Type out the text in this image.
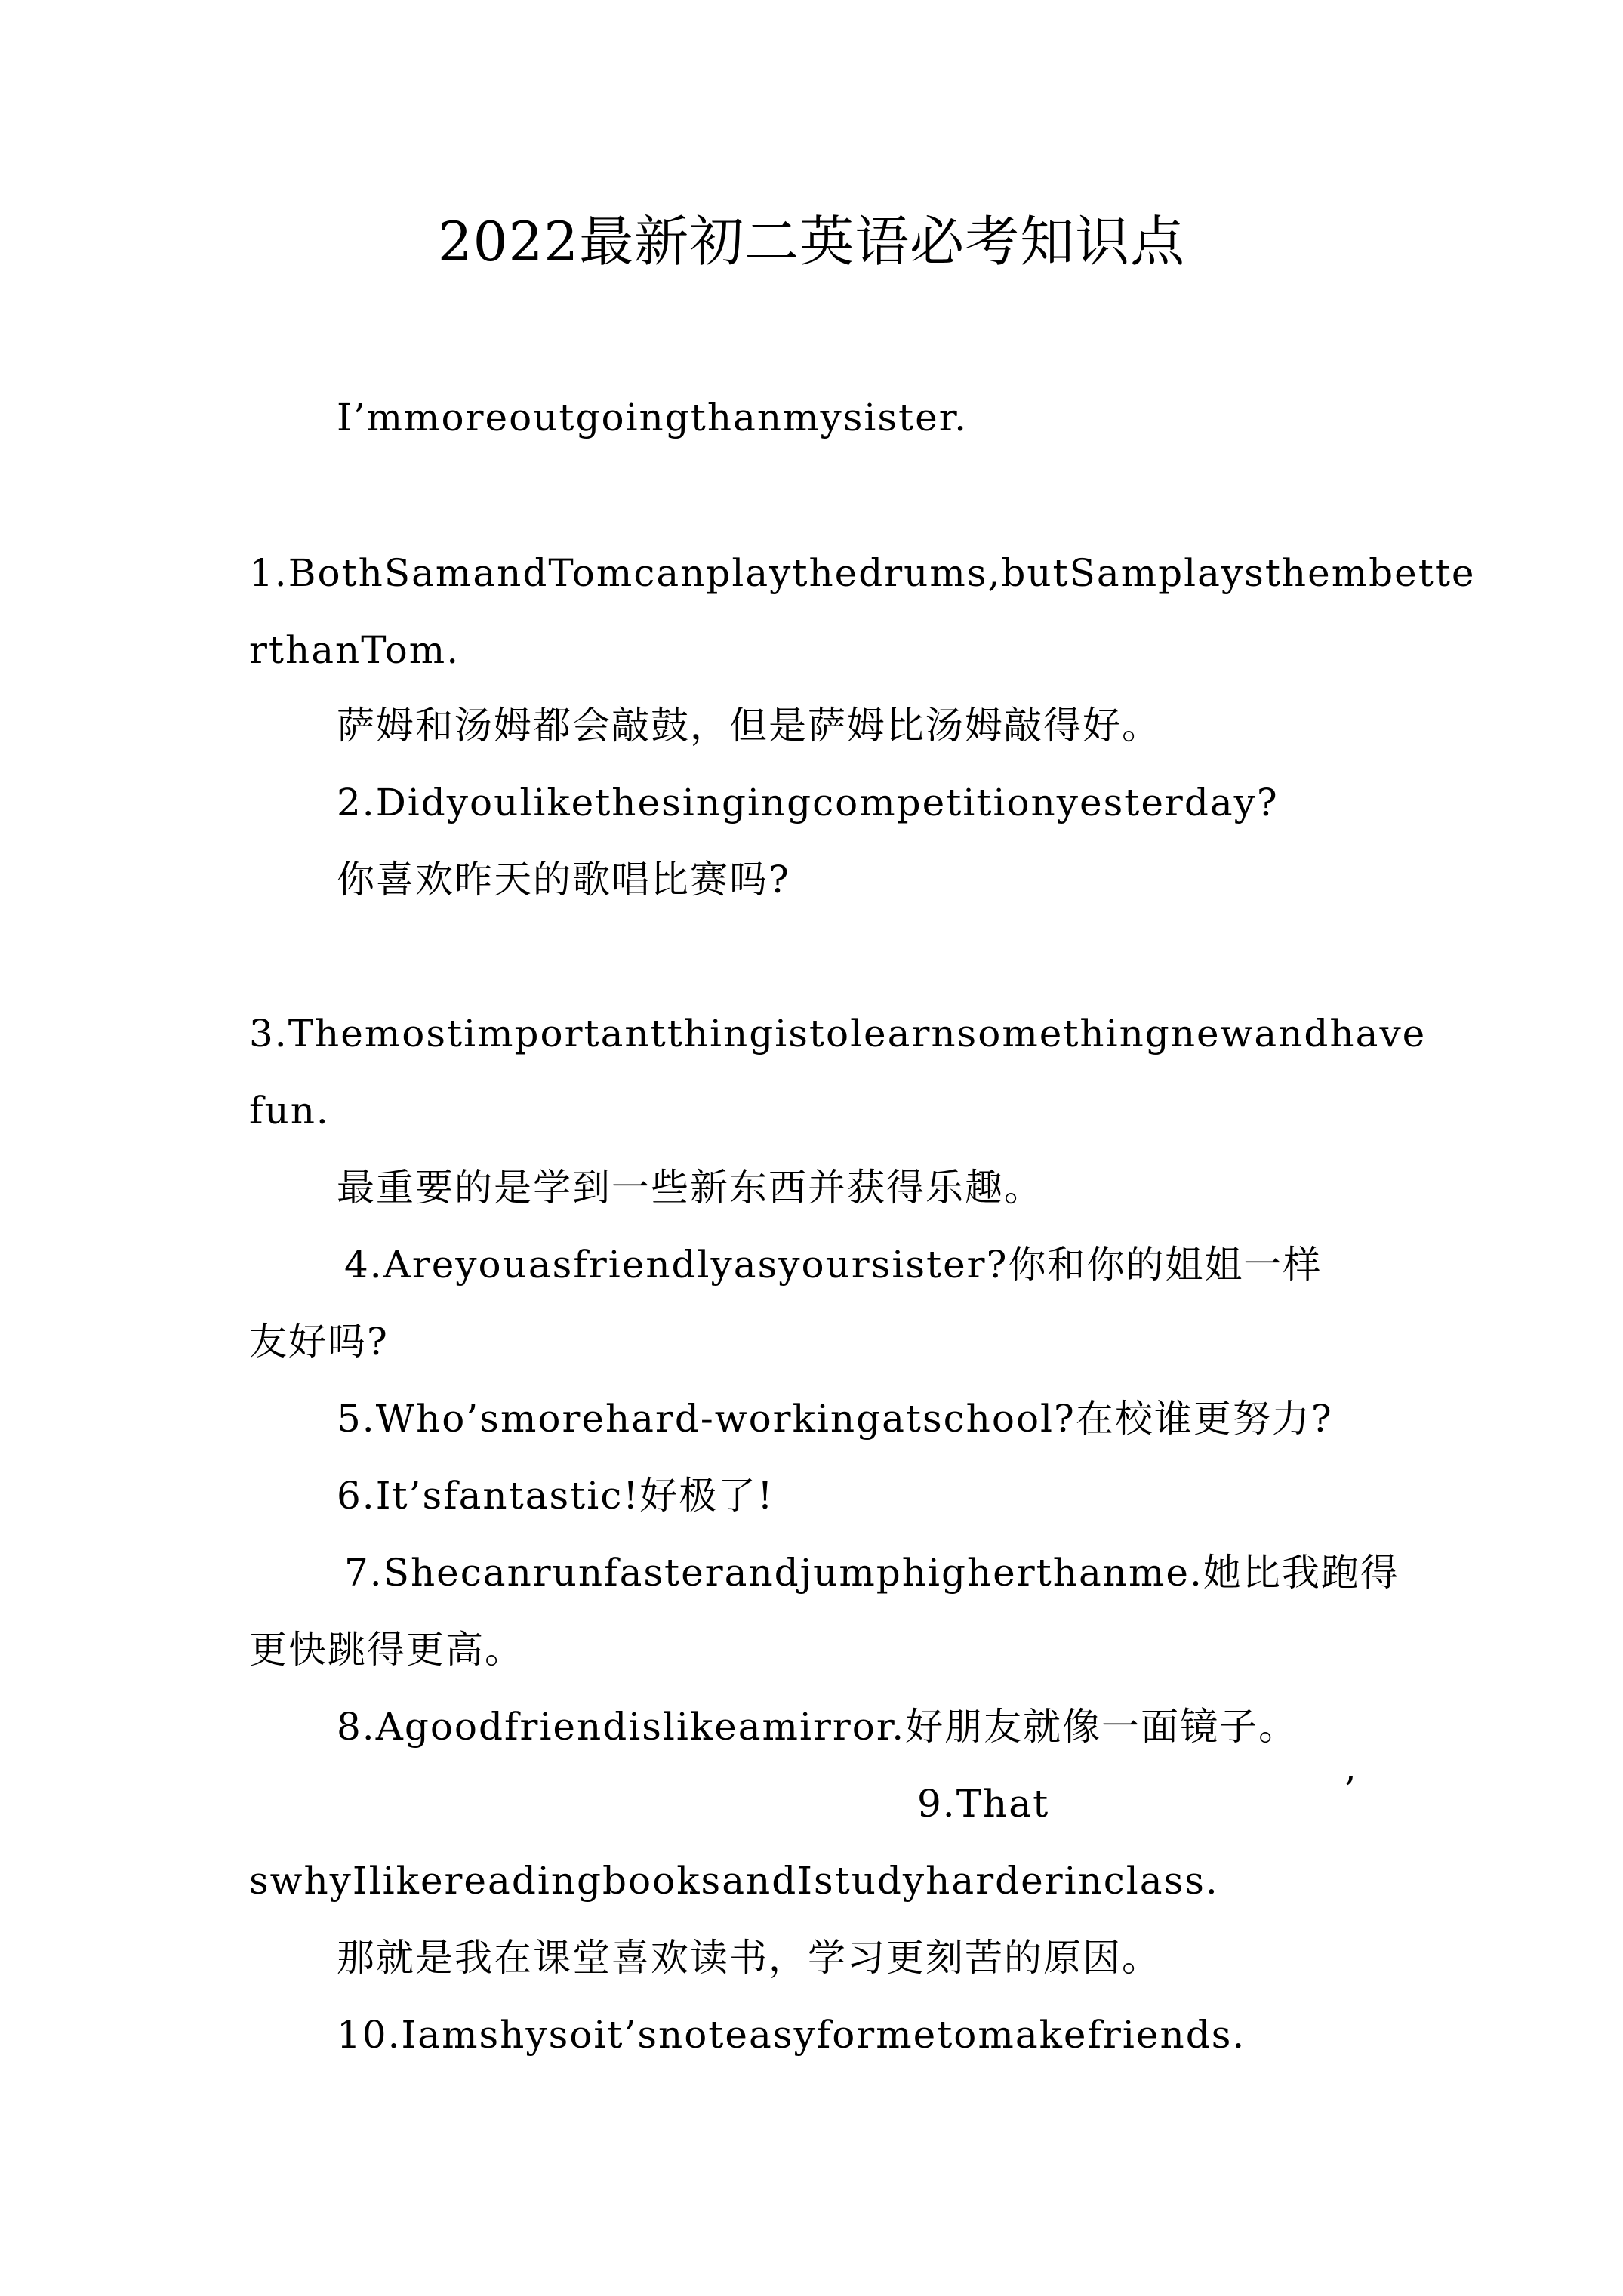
2022最新初二英语必考知识点
I’mmoreoutgoingthanmysister.
1.BothSamandTomcanplaythedrums,butSamplaysthembette
rthanTom.
萨姆和汤姆都会敲鼓，但是萨姆比汤姆敲得好。
2.Didyoulikethesingingcompetitionyesterday?
你喜欢昨天的歌唱比赛吗?
3.Themostimportantthingistolearnsomethingnewandhave
fun.
最重要的是学到一些新东西并获得乐趣。
4.Areyouasfriendlyasyoursister?你和你的姐姐一样
友好吗?
5.Who’smorehard-workingatschool?在校谁更努力?
6.It’sfantastic!好极了!
7.Shecanrunfasterandjumphigherthanme.她比我跑得
更快跳得更高。
8.Agoodfriendislikeamirror.好朋友就像一面镜子。
9.That	’
swhyIlikereadingbooksandIstudyharderinclass.
那就是我在课堂喜欢读书，学习更刻苦的原因。
10.Iamshysoit’snoteasyformetomakefriends.
